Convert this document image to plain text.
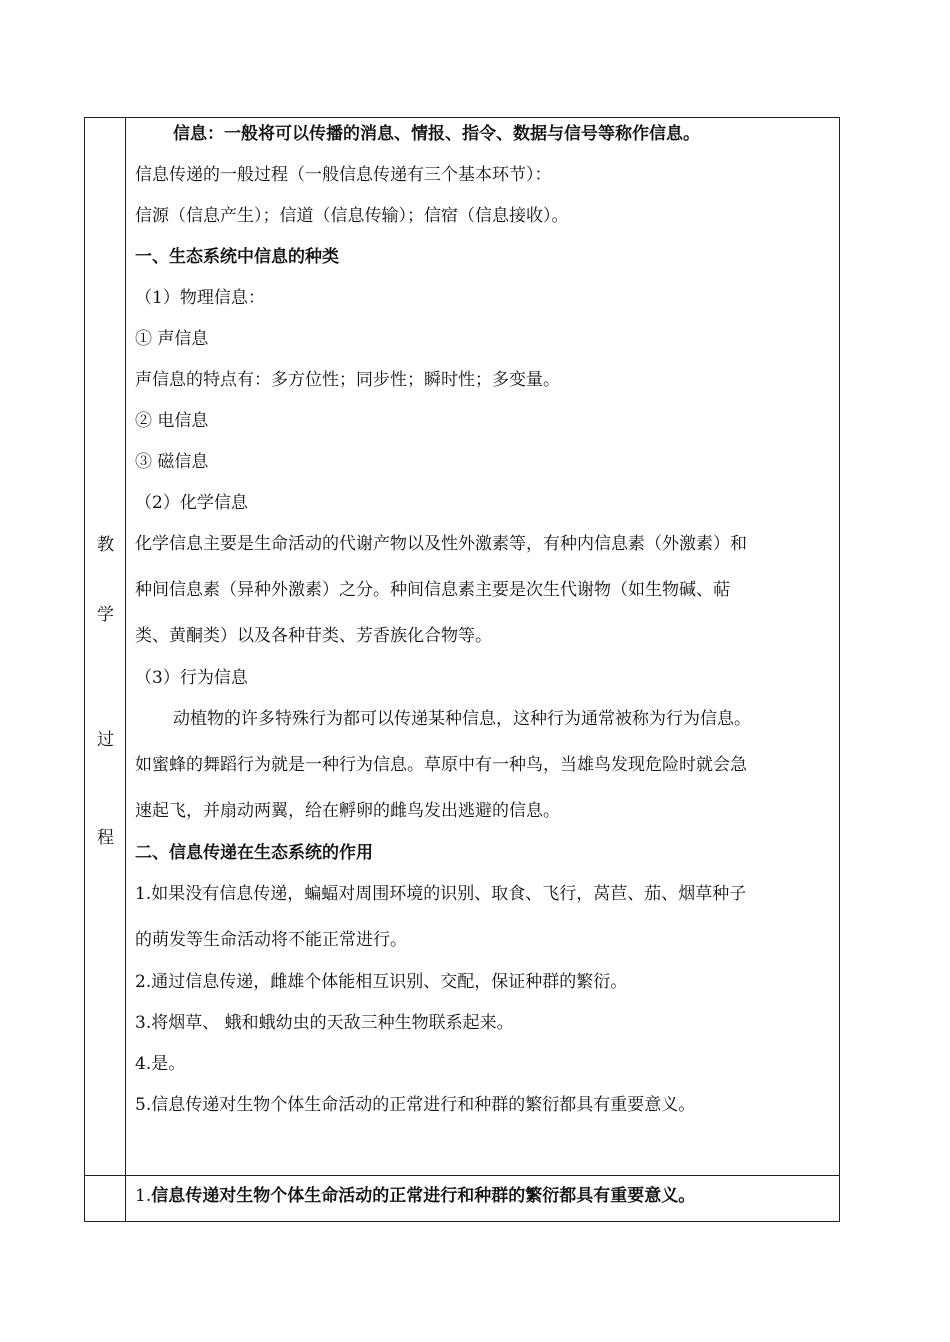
教
学
过
程
信息：一般将可以传播的消息、情报、指令、数据与信号等称作信息。
信息传递的一般过程（一般信息传递有三个基本环节）：
信源（信息产生）；信道（信息传输）；信宿（信息接收）。
一、生态系统中信息的种类
（1）物理信息：
① 声信息
声信息的特点有：多方位性；同步性；瞬时性；多变量。
② 电信息
③ 磁信息
（2）化学信息
化学信息主要是生命活动的代谢产物以及性外激素等，有种内信息素（外激素）和
种间信息素（异种外激素）之分。种间信息素主要是次生代谢物（如生物碱、萜
类、黄酮类）以及各种苷类、芳香族化合物等。
（3）行为信息
动植物的许多特殊行为都可以传递某种信息，这种行为通常被称为行为信息。
如蜜蜂的舞蹈行为就是一种行为信息。草原中有一种鸟，当雄鸟发现危险时就会急
速起飞，并扇动两翼，给在孵卵的雌鸟发出逃避的信息。
二、信息传递在生态系统的作用
1.如果没有信息传递，蝙蝠对周围环境的识别、取食、飞行，莴苣、茄、烟草种子
的萌发等生命活动将不能正常进行。
2.通过信息传递，雌雄个体能相互识别、交配，保证种群的繁衍。
3.将烟草、 蛾和蛾幼虫的天敌三种生物联系起来。
4.是。
5.信息传递对生物个体生命活动的正常进行和种群的繁衍都具有重要意义。
1.信息传递对生物个体生命活动的正常进行和种群的繁衍都具有重要意义。
